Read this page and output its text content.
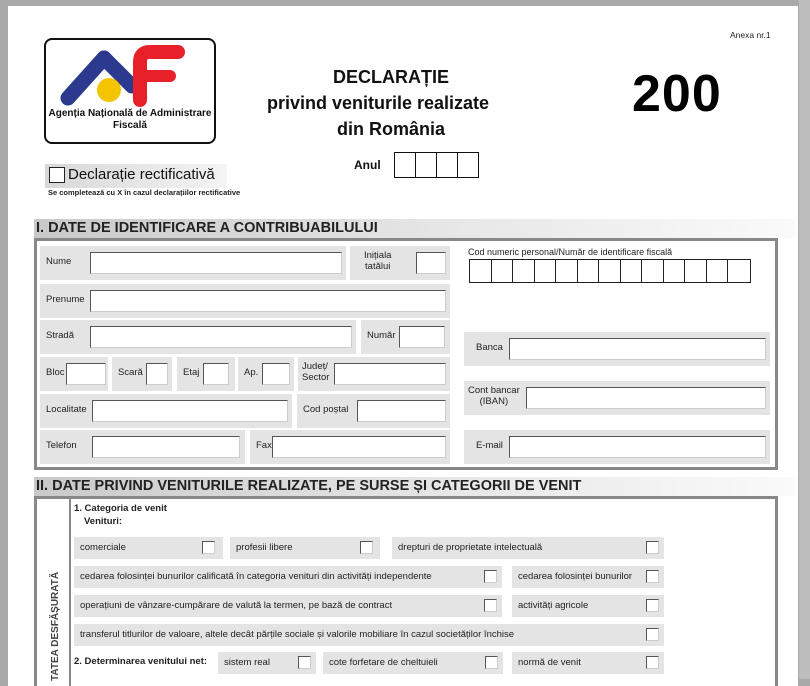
Agenția Națională de Administrare
Fiscală
Declarație rectificativă
Se completează cu X în cazul declarațiilor rectificative
DECLARAȚIE
privind veniturile realizate
din România
200
Anexa nr.1
Anul
I. DATE DE IDENTIFICARE A CONTRIBUABILULUI
Nume
Inițiala
tatălui
Prenume
Stradă	Număr
Bloc	Scară	Etaj	Ap.
Județ/
Sector
Localitate	Cod poștal
Telefon	Fax
Cod numeric personal/Număr de identificare fiscală
Banca
Cont bancar
(IBAN)
E-mail
II. DATE PRIVIND VENITURILE REALIZATE, PE SURSE ȘI CATEGORII DE VENIT
TATEA DESFĂȘURATĂ
1. Categoria de venit
Venituri:
comerciale	profesii libere	drepturi de proprietate intelectuală
cedarea folosinței bunurilor calificată în categoria venituri din activități independente	cedarea folosinței bunurilor
operațiuni de vânzare-cumpărare de valută la termen, pe bază de contract	activități agricole
transferul titlurilor de valoare, altele decât părțile sociale și valorile mobiliare în cazul societăților închise
2. Determinarea venitului net: sistem real	cote forfetare de cheltuieli	normă de venit
